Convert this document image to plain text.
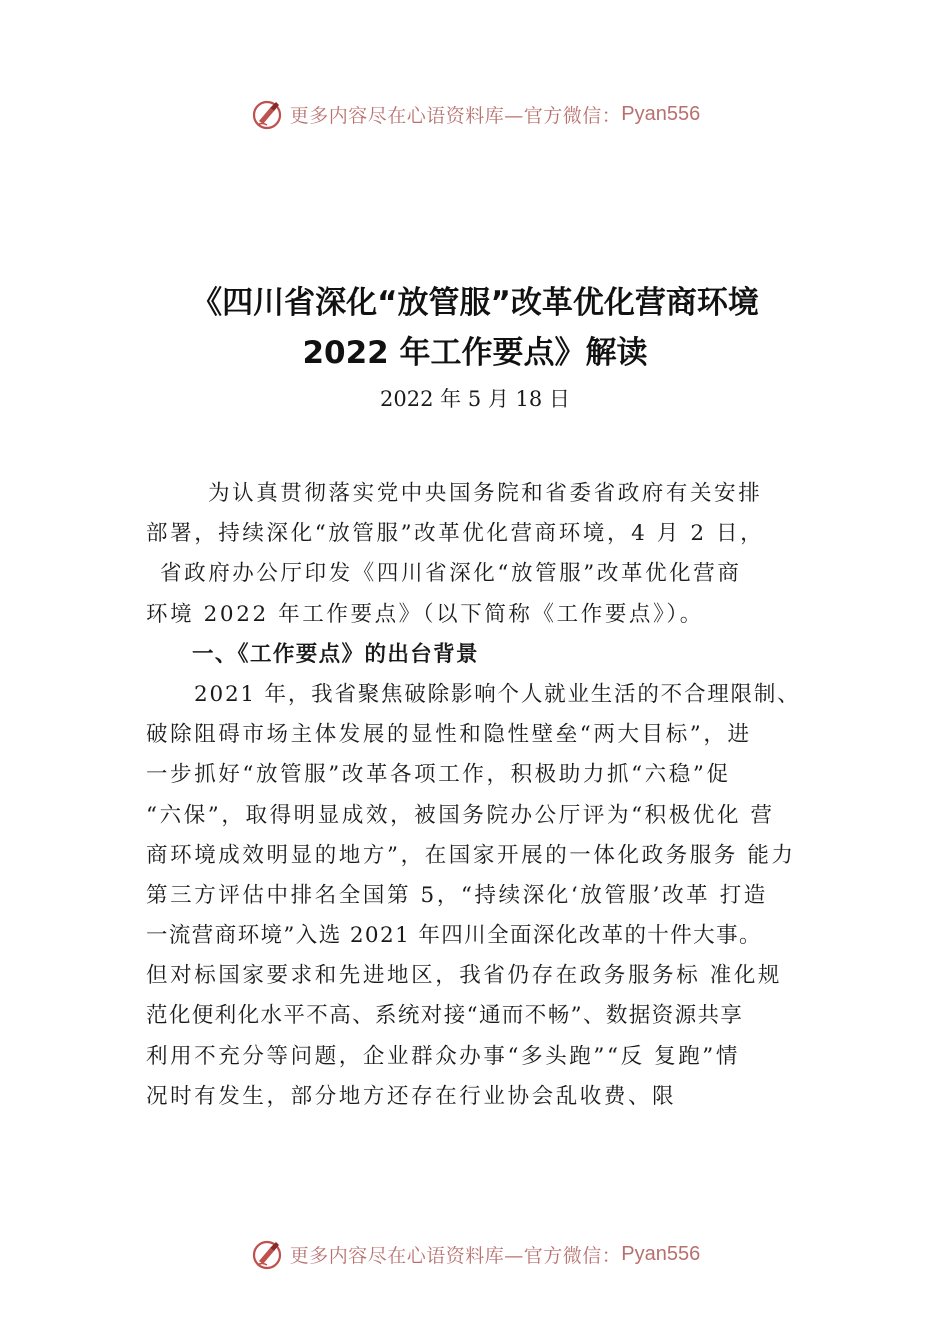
更多内容尽在心语资料库—官方微信： Pyan556
《四川省深化“放管服”改革优化营商环境
2022 年工作要点》解读
2022 年 5 月 18 日
为认真贯彻落实党中央国务院和省委省政府有关安排
部署，持续深化“放管服”改革优化营商环境，4 月 2 日，
省政府办公厅印发《四川省深化“放管服”改革优化营商
环境 2022 年工作要点》（以下简称《工作要点》）。
一、《工作要点》的出台背景
2021 年，我省聚焦破除影响个人就业生活的不合理限制、
破除阻碍市场主体发展的显性和隐性壁垒“两大目标”，进
一步抓好“放管服”改革各项工作，积极助力抓“六稳”促
“六保”，取得明显成效，被国务院办公厅评为“积极优化 营
商环境成效明显的地方”，在国家开展的一体化政务服务 能力
第三方评估中排名全国第 5，“持续深化‘放管服’改革 打造
一流营商环境”入选 2021 年四川全面深化改革的十件大事。
但对标国家要求和先进地区，我省仍存在政务服务标 准化规
范化便利化水平不高、系统对接“通而不畅”、数据资源共享
利用不充分等问题，企业群众办事“多头跑”“反 复跑”情
况时有发生，部分地方还存在行业协会乱收费、限
更多内容尽在心语资料库—官方微信： Pyan556
